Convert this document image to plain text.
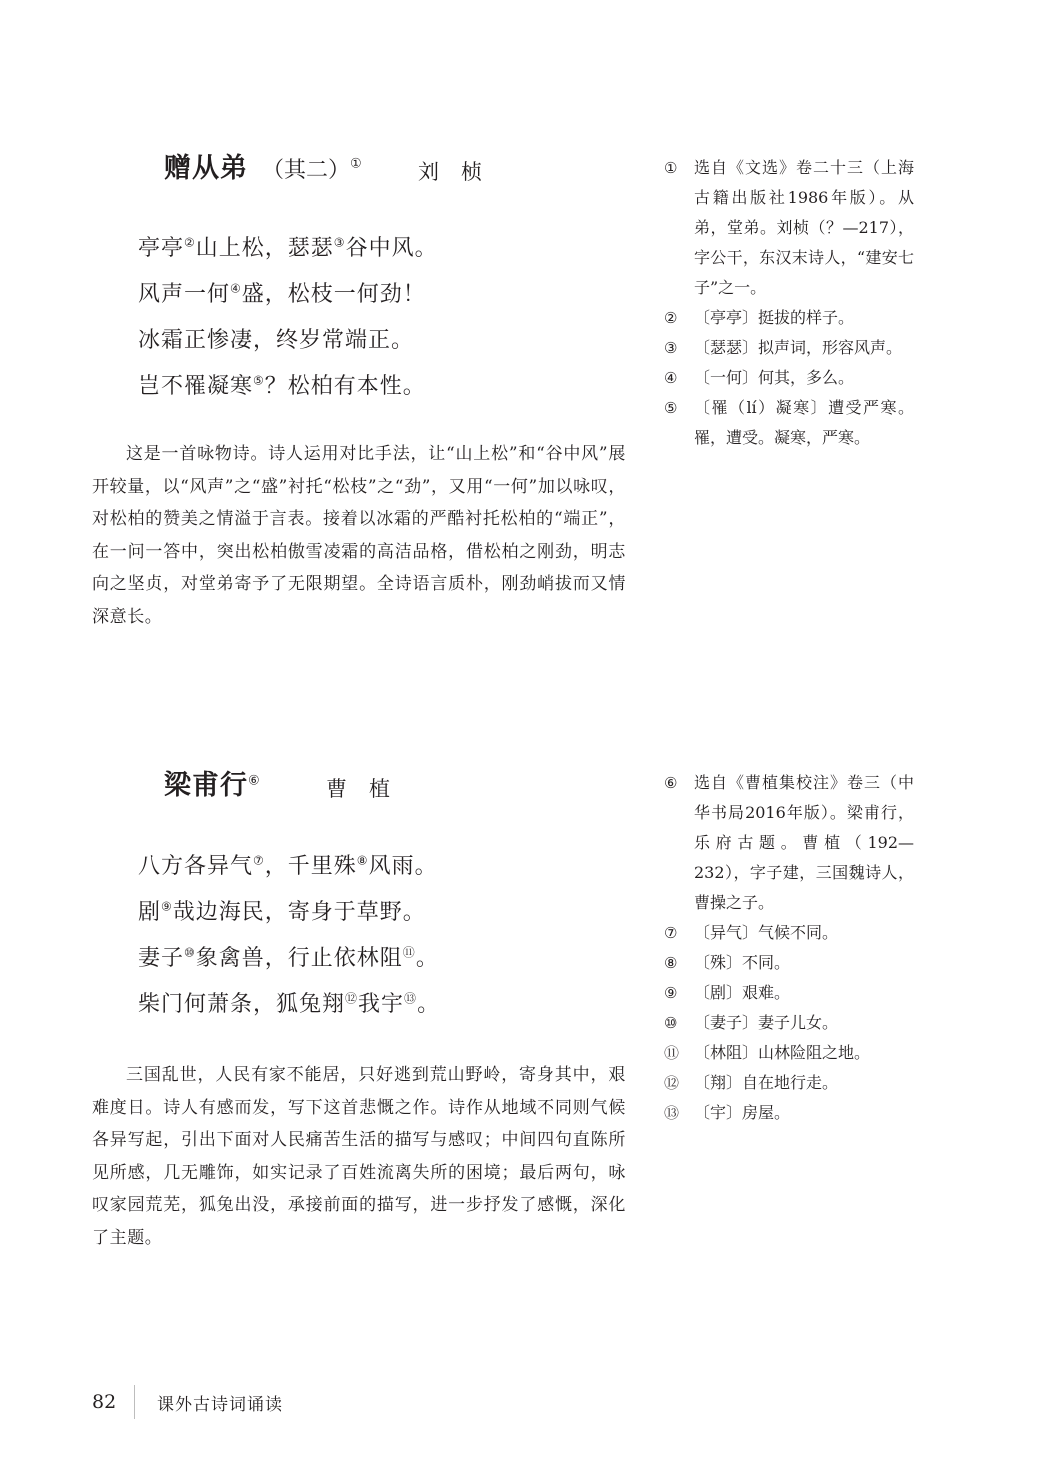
赠从弟 （其二）①	刘桢
亭亭②山上松，瑟瑟③谷中风。
风声一何④盛，松枝一何劲！
冰霜正惨凄，终岁常端正。
岂不罹凝寒⑤？松柏有本性。

这是一首咏物诗。诗人运用对比手法，让“山上松”和“谷中风”展开较量，以“风声”之“盛”衬托“松枝”之“劲”，又用“一何”加以咏叹，对松柏的赞美之情溢于言表。接着以冰霜的严酷衬托松柏的“端正”，在一问一答中，突出松柏傲雪凌霜的高洁品格，借松柏之刚劲，明志向之坚贞，对堂弟寄予了无限期望。全诗语言质朴，刚劲峭拔而又情深意长。

①	选自《文选》卷二十三（上海古籍出版社1986年版）。从弟，堂弟。刘桢（？—217），字公干，东汉末诗人，“建安七子”之一。
②	〔亭亭〕挺拔的样子。
③	〔瑟瑟〕拟声词，形容风声。
④	〔一何〕何其，多么。
⑤	〔罹（lí）凝寒〕遭受严寒。罹，遭受。凝寒，严寒。
梁甫行⑥	曹植
八方各异气⑦，千里殊⑧风雨。
剧⑨哉边海民，寄身于草野。
妻子⑩象禽兽，行止依林阻⑪。
柴门何萧条，狐兔翔⑫我宇⑬。

三国乱世，人民有家不能居，只好逃到荒山野岭，寄身其中，艰难度日。诗人有感而发，写下这首悲慨之作。诗作从地域不同则气候各异写起，引出下面对人民痛苦生活的描写与感叹；中间四句直陈所见所感，几无雕饰，如实记录了百姓流离失所的困境；最后两句，咏叹家园荒芜，狐兔出没，承接前面的描写，进一步抒发了感慨，深化了主题。

⑥	选自《曹植集校注》卷三（中华书局2016年版）。梁甫行，乐府古题。曹植（192—232），字子建，三国魏诗人，曹操之子。
⑦	〔异气〕气候不同。
⑧	〔殊〕不同。
⑨	〔剧〕艰难。
⑩	〔妻子〕妻子儿女。
⑪ 〔林阻〕山林险阻之地。
⑫ 〔翔〕自在地行走。
⑬ 〔宇〕房屋。
82	课外古诗词诵读
